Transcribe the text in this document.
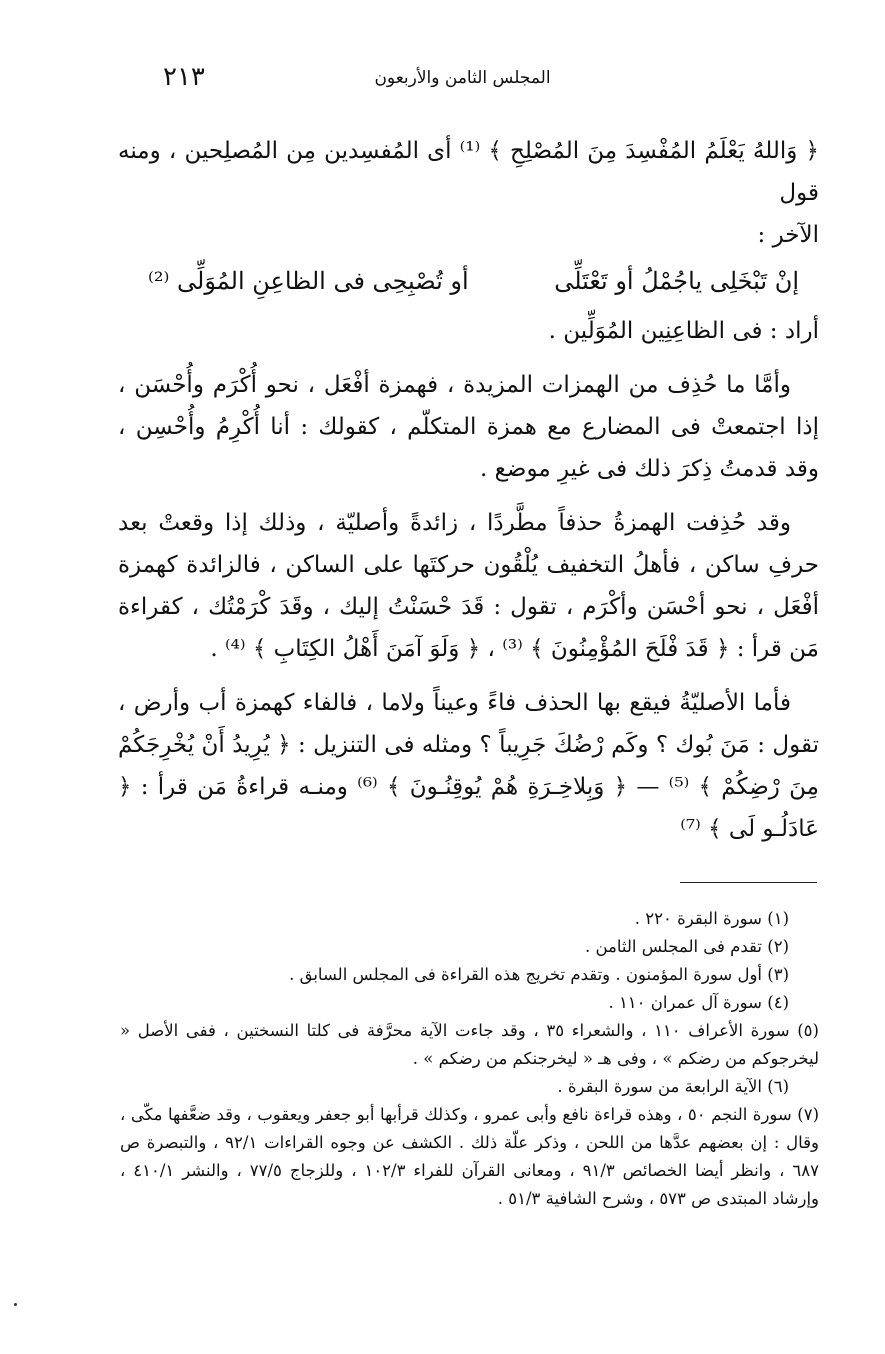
المجلس الثامن والأربعون
٢١٣

﴿ وَاللهُ يَعْلَمُ المُفْسِدَ مِنَ المُصْلِحِ ﴾ ⁽¹⁾ أى المُفسِدين مِن المُصلِحين ، ومنه قول

الآخر :

إنْ تَبْخَلِى ياجُمْلُ أو تَعْتَلِّى
أو تُصْبِحِى فى الظاعِنِ المُوَلِّى ⁽²⁾

أراد : فى الظاعِنِين المُوَلِّين .

وأمَّا ما حُذِف من الهمزات المزيدة ، فهمزة أفْعَل ، نحو أُكْرَم وأُحْسَن ، إذا اجتمعتْ فى المضارع مع همزة المتكلّم ، كقولك : أنا أُكْرِمُ وأُحْسِن ، وقد قدمتُ ذِكرَ ذلك فى غيرِ موضع .

وقد حُذِفت الهمزةُ حذفاً مطَّردًا ، زائدةً وأصليّة ، وذلك إذا وقعتْ بعد حرفِ ساكن ، فأهلُ التخفيف يُلْقُون حركتَها على الساكن ، فالزائدة كهمزة أفْعَل ، نحو أحْسَن وأكْرَم ، تقول : قَدَ حْسَنْتُ إليك ، وقَدَ كْرَمْتُك ، كقراءة مَن قرأ : ﴿ قَدَ فْلَحَ المُؤْمِنُونَ ﴾ ⁽³⁾ ، ﴿ وَلَوَ آمَنَ أَهْلُ الكِتَابِ ﴾ ⁽⁴⁾ .

فأما الأصليّةُ فيقع بها الحذف فاءً وعيناً ولاما ، فالفاء كهمزة أب وأرض ، تقول : مَنَ بُوك ؟ وكَم رْضُكَ جَرِيباً ؟ ومثله فى التنزيل : ﴿ يُرِيدُ أَنْ يُخْرِجَكُمْ مِنَ رْضِكُمْ ﴾ ⁽⁵⁾ — ﴿ وَبِلاخِـرَةِ هُمْ يُوقِنُـونَ ﴾ ⁽⁶⁾ ومنـه قراءةُ مَن قرأ : ﴿ عَادَلُـو لَى ﴾ ⁽⁷⁾

(١) سورة البقرة ٢٢٠ .

(٢) تقدم فى المجلس الثامن .

(٣) أول سورة المؤمنون . وتقدم تخريج هذه القراءة فى المجلس السابق .

(٤) سورة آل عمران ١١٠ .

(٥) سورة الأعراف ١١٠ ، والشعراء ٣٥ ، وقد جاءت الآية محرَّفة فى كلتا النسختين ، ففى الأصل « ليخرجوكم من رضكم » ، وفى هـ « ليخرجنكم من رضكم » .

(٦) الآية الرابعة من سورة البقرة .

(٧) سورة النجم ٥٠ ، وهذه قراءة نافع وأبى عمرو ، وكذلك قرأبها أبو جعفر ويعقوب ، وقد ضعَّفها مكّى ، وقال : إن بعضهم عدَّها من اللحن ، وذكر علّة ذلك . الكشف عن وجوه القراءات ٩٢/١ ، والتبصرة ص ٦٨٧ ، وانظر أيضا الخصائص ٩١/٣ ، ومعانى القرآن للفراء ١٠٢/٣ ، وللزجاج ٧٧/٥ ، والنشر ٤١٠/١ ، وإرشاد المبتدى ص ٥٧٣ ، وشرح الشافية ٥١/٣ .
